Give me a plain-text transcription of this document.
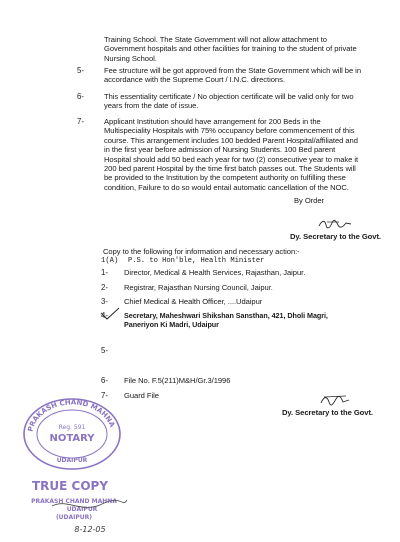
Training School. The State Government will not allow attachment to
Government hospitals and other facilities for training to the student of private
Nursing School.
5-	Fee structure will be got approved from the State Government which will be in
accordance with the Supreme Court / I.N.C. directions.
6-	This essentiality certificate / No objection certificate will be valid only for two
years from the date of issue.
7-	Applicant Institution should have arrangement for 200 Beds in the
Multispeciality Hospitals with 75% occupancy before commencement of this
course. This arrangement includes 100 bedded Parent Hospital/affiliated and
in the first year before admission of Nursing Students. 100 Bed parent
Hospital should add 50 bed each year for two (2) consecutive year to make it
200 bed parent Hospital by the time first batch passes out. The Students will
be provided to the Institution by the competent authority on fulfilling these
condition, Failure to do so would entail automatic cancellation of the NOC.
By Order
Dy. Secretary to the Govt.
Copy to the following for information and necessary action:-
1(A) P.S. to Hon'ble, Health Minister
1- Director, Medical & Health Services, Rajasthan, Jaipur.
2- Registrar, Rajasthan Nursing Council, Jaipur.
3- Chief Medical & Health Officer, ....Udaipur
4- Secretary, Maheshwari Shikshan Sansthan, 421, Dholi Magri,
Paneriyon Ki Madri, Udaipur
5-
6- File No. F.5(211)M&H/Gr.3/1996
7- Guard File
Dy. Secretary to the Govt.
PRAKASH CHAND MAHNA
Reg. 591
NOTARY
UDAIPUR
TRUE COPY
PRAKASH CHAND MAHNA
UDAIPUR
(UDAIPUR)
8-12-05
